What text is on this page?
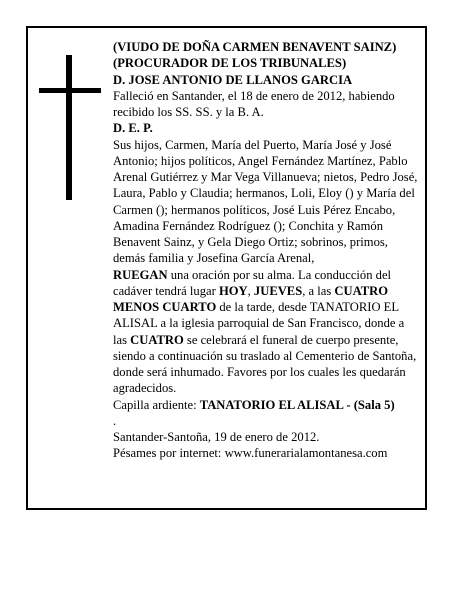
(VIUDO DE DOÑA CARMEN BENAVENT SAINZ) (PROCURADOR DE LOS TRIBUNALES)

D. JOSE ANTONIO DE LLANOS GARCIA

Falleció en Santander, el 18 de enero de 2012, habiendo recibido los SS. SS. y la B. A.

D. E. P.

Sus hijos, Carmen, María del Puerto, María José y José Antonio; hijos políticos, Angel Fernández Martínez, Pablo Arenal Gutiérrez y Mar Vega Villanueva; nietos, Pedro José, Laura, Pablo y Claudia; hermanos, Loli, Eloy () y María del Carmen (); hermanos políticos, José Luis Pérez Encabo, Amadina Fernández Rodríguez (); Conchita y Ramón Benavent Sainz, y Gela Diego Ortiz; sobrinos, primos, demás familia y Josefina García Arenal,

RUEGAN una oración por su alma. La conducción del cadáver tendrá lugar HOY, JUEVES, a las CUATRO MENOS CUARTO de la tarde, desde TANATORIO EL ALISAL a la iglesia parroquial de San Francisco, donde a las CUATRO se celebrará el funeral de cuerpo presente, siendo a continuación su traslado al Cementerio de Santoña, donde será inhumado. Favores por los cuales les quedarán agradecidos.

Capilla ardiente: TANATORIO EL ALISAL - (Sala 5)

.

Santander-Santoña, 19 de enero de 2012.

Pésames por internet: www.funerarialamontanesa.com
